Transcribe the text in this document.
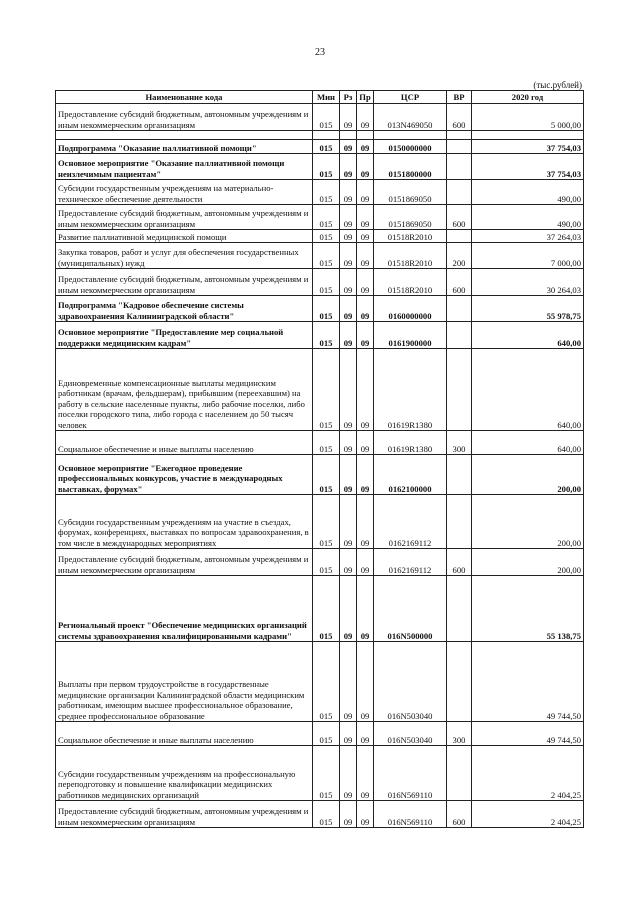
23
(тыс.рублей)
Наименование кода	Мин	Рз	Пр	ЦСР	ВР	2020 год
Предоставление субсидий бюджетным, автономным учреждениям и иным некоммерческим организациям	015	09	09	013N469050	600	5 000,00

Подпрограмма "Оказание паллиативной помощи"	015	09	09	0150000000		37 754,03
Основное мероприятие "Оказание паллиативной помощи неизлечимым пациентам"	015	09	09	0151800000		37 754,03
Субсидии государственным учреждениям на материально-техническое обеспечение деятельности	015	09	09	0151869050		490,00
Предоставление субсидий бюджетным, автономным учреждениям и иным некоммерческим организациям	015	09	09	0151869050	600	490,00
Развитие паллиативной медицинской помощи	015	09	09	01518R2010		37 264,03
Закупка товаров, работ и услуг для обеспечения государственных (муниципальных) нужд	015	09	09	01518R2010	200	7 000,00
Предоставление субсидий бюджетным, автономным учреждениям и иным некоммерческим организациям	015	09	09	01518R2010	600	30 264,03
Подпрограмма "Кадровое обеспечение системы здравоохранения Калининградской области"	015	09	09	0160000000		55 978,75
Основное мероприятие "Предоставление мер социальной поддержки медицинским кадрам"	015	09	09	0161900000		640,00
Единовременные компенсационные выплаты медицинским работникам (врачам, фельдшерам), прибывшим (переехавшим) на работу в сельские населенные пункты, либо рабочие поселки, либо поселки городского типа, либо города с населением до 50 тысяч человек	015	09	09	01619R1380		640,00
Социальное обеспечение и иные выплаты населению	015	09	09	01619R1380	300	640,00
Основное мероприятие "Ежегодное проведение профессиональных конкурсов, участие в международных выставках, форумах"	015	09	09	0162100000		200,00
Субсидии государственным учреждениям на участие в съездах, форумах, конференциях, выставках по вопросам здравоохранения, в том числе в международных мероприятиях	015	09	09	0162169112		200,00
Предоставление субсидий бюджетным, автономным учреждениям и иным некоммерческим организациям	015	09	09	0162169112	600	200,00
Региональный проект "Обеспечение медицинских организаций системы здравоохранения квалифицированными кадрами"	015	09	09	016N500000		55 138,75
Выплаты при первом трудоустройстве в государственные медицинские организации Калининградской области медицинским работникам, имеющим высшее профессиональное образование, среднее профессиональное образование	015	09	09	016N503040		49 744,50
Социальное обеспечение и иные выплаты населению	015	09	09	016N503040	300	49 744,50
Субсидии государственным учреждениям на профессиональную переподготовку и повышение квалификации медицинских работников медицинских организаций	015	09	09	016N569110		2 404,25
Предоставление субсидий бюджетным, автономным учреждениям и иным некоммерческим организациям	015	09	09	016N569110	600	2 404,25
